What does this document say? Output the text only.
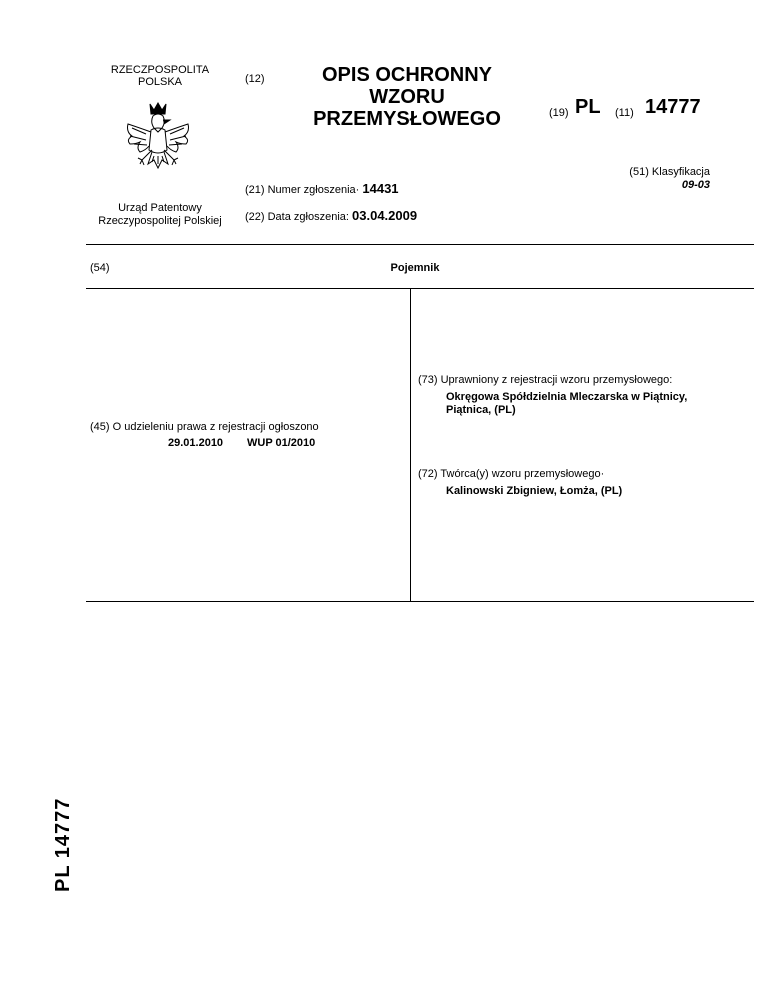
RZECZPOSPOLITA
POLSKA
Urząd Patentowy
Rzeczypospolitej Polskiej
(12)	OPIS OCHRONNY
WZORU
PRZEMYSŁOWEGO	(19) PL (11) 14777
(21) Numer zgłoszenia· 14431
(22) Data zgłoszenia: 03.04.2009
(51) Klasyfikacja
09-03
(54)	Pojemnik
(45) O udzieleniu prawa z rejestracji ogłoszono
29.01.2010 WUP 01/2010
(73) Uprawniony z rejestracji wzoru przemysłowego:
Okręgowa Spółdzielnia Mleczarska w Piątnicy,
Piątnica, (PL)
(72) Twórca(y) wzoru przemysłowego·
Kalinowski Zbigniew, Łomża, (PL)
PL 14777
